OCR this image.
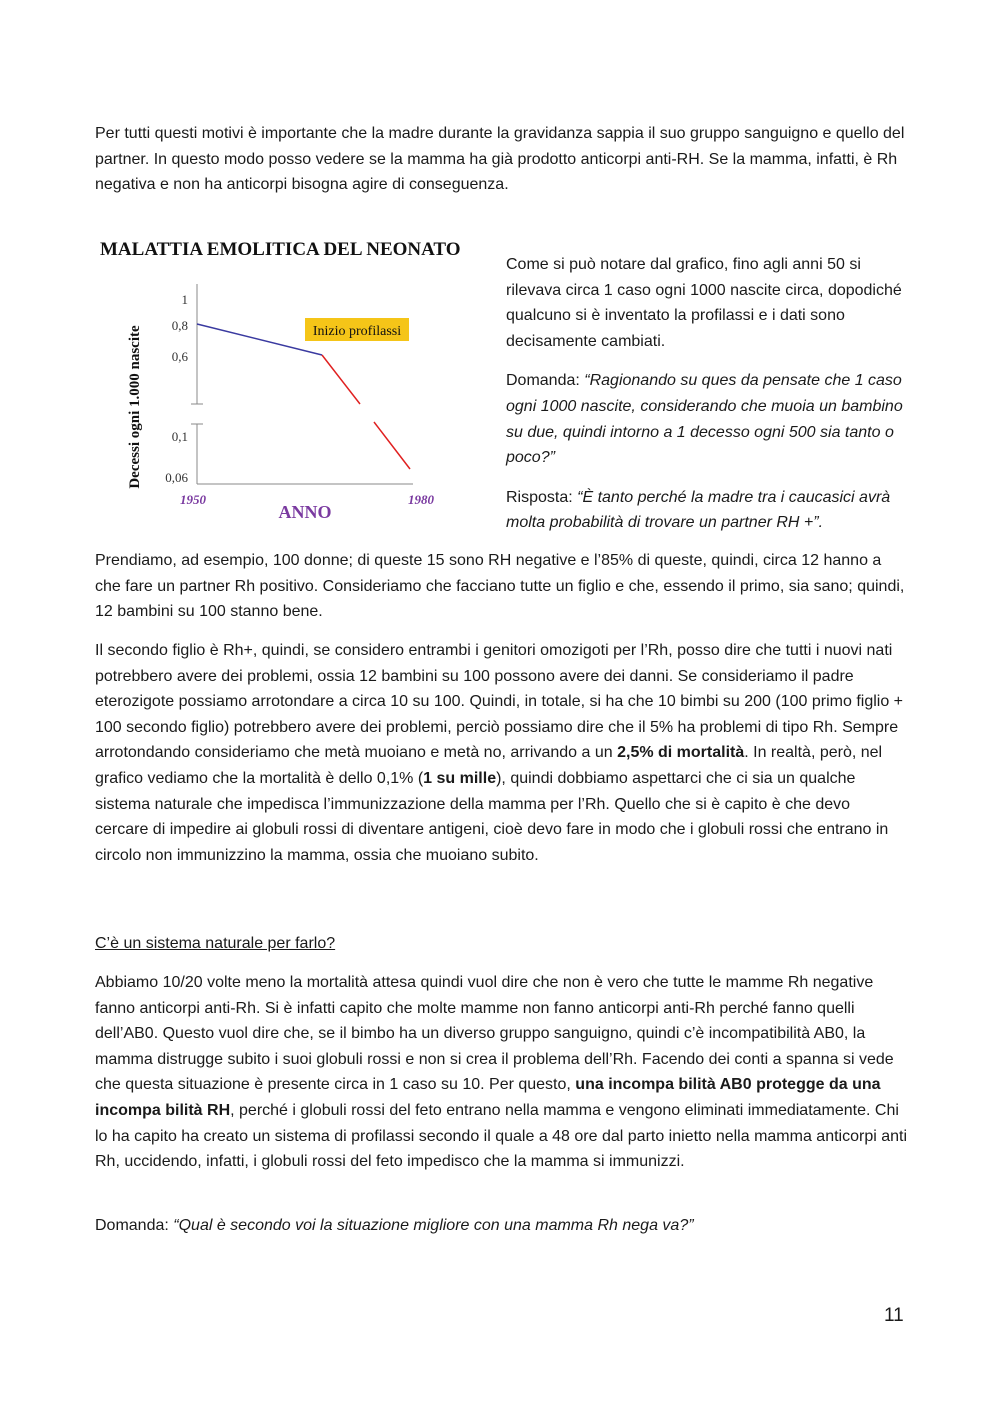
Per tutti questi motivi è importante che la madre durante la gravidanza sappia il suo gruppo sanguigno e quello del partner. In questo modo posso vedere se la mamma ha già prodotto anticorpi anti-RH. Se la mamma, infatti, è Rh negativa e non ha anticorpi bisogna agire di conseguenza.

MALATTIA EMOLITICA DEL NEONATO
Decessi ogni 1.000 nascite
1
0,8
0,6
0,1
0,06
Inizio profilassi
1950	1980
ANNO

Come si può notare dal grafico, fino agli anni 50 si rilevava circa 1 caso ogni 1000 nascite circa, dopodiché qualcuno si è inventato la profilassi e i dati sono decisamente cambiati.

Domanda: “Ragionando su ques da pensate che 1 caso ogni 1000 nascite, considerando che muoia un bambino su due, quindi intorno a 1 decesso ogni 500 sia tanto o poco?”

Risposta: “È tanto perché la madre tra i caucasici avrà molta probabilità di trovare un partner RH +”.

Prendiamo, ad esempio, 100 donne; di queste 15 sono RH negative e l’85% di queste, quindi, circa 12 hanno a che fare un partner Rh positivo. Consideriamo che facciano tutte un figlio e che, essendo il primo, sia sano; quindi, 12 bambini su 100 stanno bene.

Il secondo figlio è Rh+, quindi, se considero entrambi i genitori omozigoti per l’Rh, posso dire che tutti i nuovi nati potrebbero avere dei problemi, ossia 12 bambini su 100 possono avere dei danni. Se consideriamo il padre eterozigote possiamo arrotondare a circa 10 su 100. Quindi, in totale, si ha che 10 bimbi su 200 (100 primo figlio + 100 secondo figlio) potrebbero avere dei problemi, perciò possiamo dire che il 5% ha problemi di tipo Rh. Sempre arrotondando consideriamo che metà muoiano e metà no, arrivando a un 2,5% di mortalità. In realtà, però, nel grafico vediamo che la mortalità è dello 0,1% (1 su mille), quindi dobbiamo aspettarci che ci sia un qualche sistema naturale che impedisca l’immunizzazione della mamma per l’Rh. Quello che si è capito è che devo cercare di impedire ai globuli rossi di diventare antigeni, cioè devo fare in modo che i globuli rossi che entrano in circolo non immunizzino la mamma, ossia che muoiano subito.

C’è un sistema naturale per farlo?

Abbiamo 10/20 volte meno la mortalità attesa quindi vuol dire che non è vero che tutte le mamme Rh negative fanno anticorpi anti-Rh. Si è infatti capito che molte mamme non fanno anticorpi anti-Rh perché fanno quelli dell’AB0. Questo vuol dire che, se il bimbo ha un diverso gruppo sanguigno, quindi c’è incompatibilità AB0, la mamma distrugge subito i suoi globuli rossi e non si crea il problema dell’Rh. Facendo dei conti a spanna si vede che questa situazione è presente circa in 1 caso su 10. Per questo, una incompa bilità AB0 protegge da una incompa bilità RH, perché i globuli rossi del feto entrano nella mamma e vengono eliminati immediatamente. Chi lo ha capito ha creato un sistema di profilassi secondo il quale a 48 ore dal parto inietto nella mamma anticorpi anti Rh, uccidendo, infatti, i globuli rossi del feto impedisco che la mamma si immunizzi.

Domanda: “Qual è secondo voi la situazione migliore con una mamma Rh nega va?”

11
